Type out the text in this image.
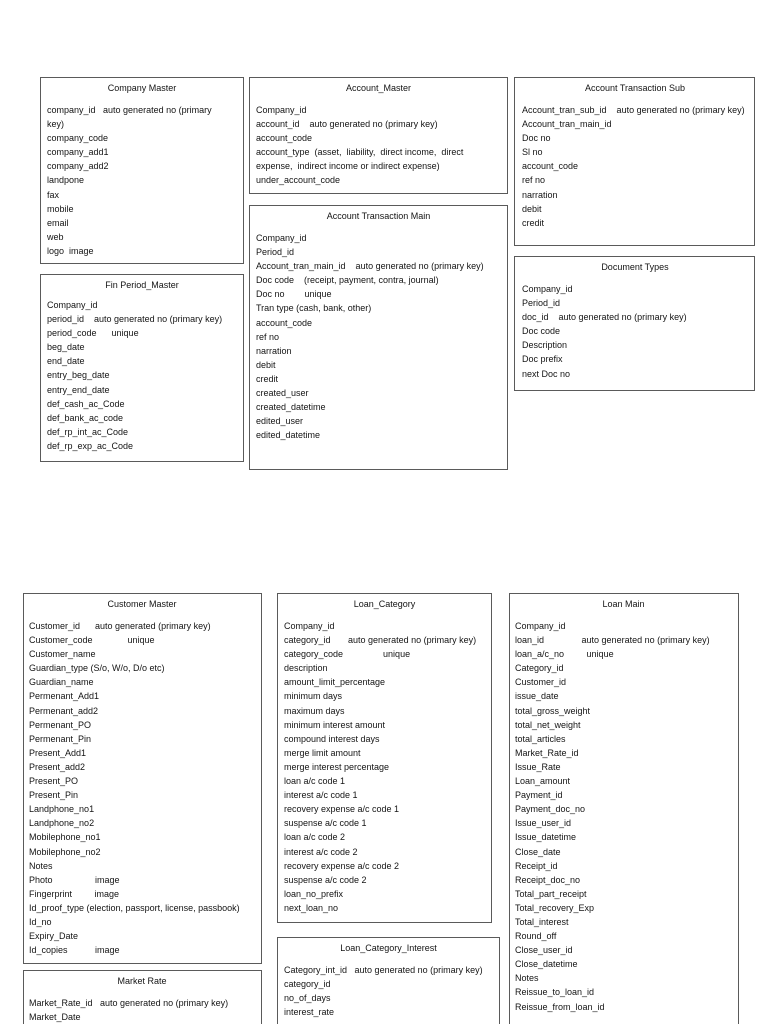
Company Master
company_id   auto generated no (primary
key)
company_code
company_add1
company_add2
landpone
fax
mobile
email
web
logo  image
Fin Period_Master
Company_id
period_id    auto generated no (primary key)
period_code      unique
beg_date
end_date
entry_beg_date
entry_end_date
def_cash_ac_Code
def_bank_ac_code
def_rp_int_ac_Code
def_rp_exp_ac_Code
Account_Master
Company_id
account_id    auto generated no (primary key)
account_code
account_type  (asset,  liability,  direct income,  direct
expense,  indirect income or indirect expense)
under_account_code
Account Transaction Main
Company_id
Period_id
Account_tran_main_id    auto generated no (primary key)
Doc code    (receipt, payment, contra, journal)
Doc no        unique
Tran type (cash, bank, other)
account_code
ref no
narration
debit
credit
created_user
created_datetime
edited_user
edited_datetime
Account Transaction Sub
Account_tran_sub_id    auto generated no (primary key)
Account_tran_main_id
Doc no
Sl no
account_code
ref no
narration
debit
credit
Document Types
Company_id
Period_id
doc_id    auto generated no (primary key)
Doc code
Description
Doc prefix
next Doc no
Customer Master
Customer_id      auto generated (primary key)
Customer_code              unique
Customer_name
Guardian_type (S/o, W/o, D/o etc)
Guardian_name
Permenant_Add1
Permenant_add2
Permenant_PO
Permenant_Pin
Present_Add1
Present_add2
Present_PO
Present_Pin
Landphone_no1
Landphone_no2
Mobilephone_no1
Mobilephone_no2
Notes
Photo                 image
Fingerprint         image
Id_proof_type (election, passport, license, passbook)
Id_no
Expiry_Date
Id_copies           image
Market Rate
Market_Rate_id   auto generated no (primary key)
Market_Date
Loan_Category
Company_id
category_id       auto generated no (primary key)
category_code                unique
description
amount_limit_percentage
minimum days
maximum days
minimum interest amount
compound interest days
merge limit amount
merge interest percentage
loan a/c code 1
interest a/c code 1
recovery expense a/c code 1
suspense a/c code 1
loan a/c code 2
interest a/c code 2
recovery expense a/c code 2
suspense a/c code 2
loan_no_prefix
next_loan_no
Loan_Category_Interest
Category_int_id   auto generated no (primary key)
category_id
no_of_days
interest_rate
Loan Main
Company_id
loan_id               auto generated no (primary key)
loan_a/c_no         unique
Category_id
Customer_id
issue_date
total_gross_weight
total_net_weight
total_articles
Market_Rate_id
Issue_Rate
Loan_amount
Payment_id
Payment_doc_no
Issue_user_id
Issue_datetime
Close_date
Receipt_id
Receipt_doc_no
Total_part_receipt
Total_recovery_Exp
Total_interest
Round_off
Close_user_id
Close_datetime
Notes
Reissue_to_loan_id
Reissue_from_loan_id
